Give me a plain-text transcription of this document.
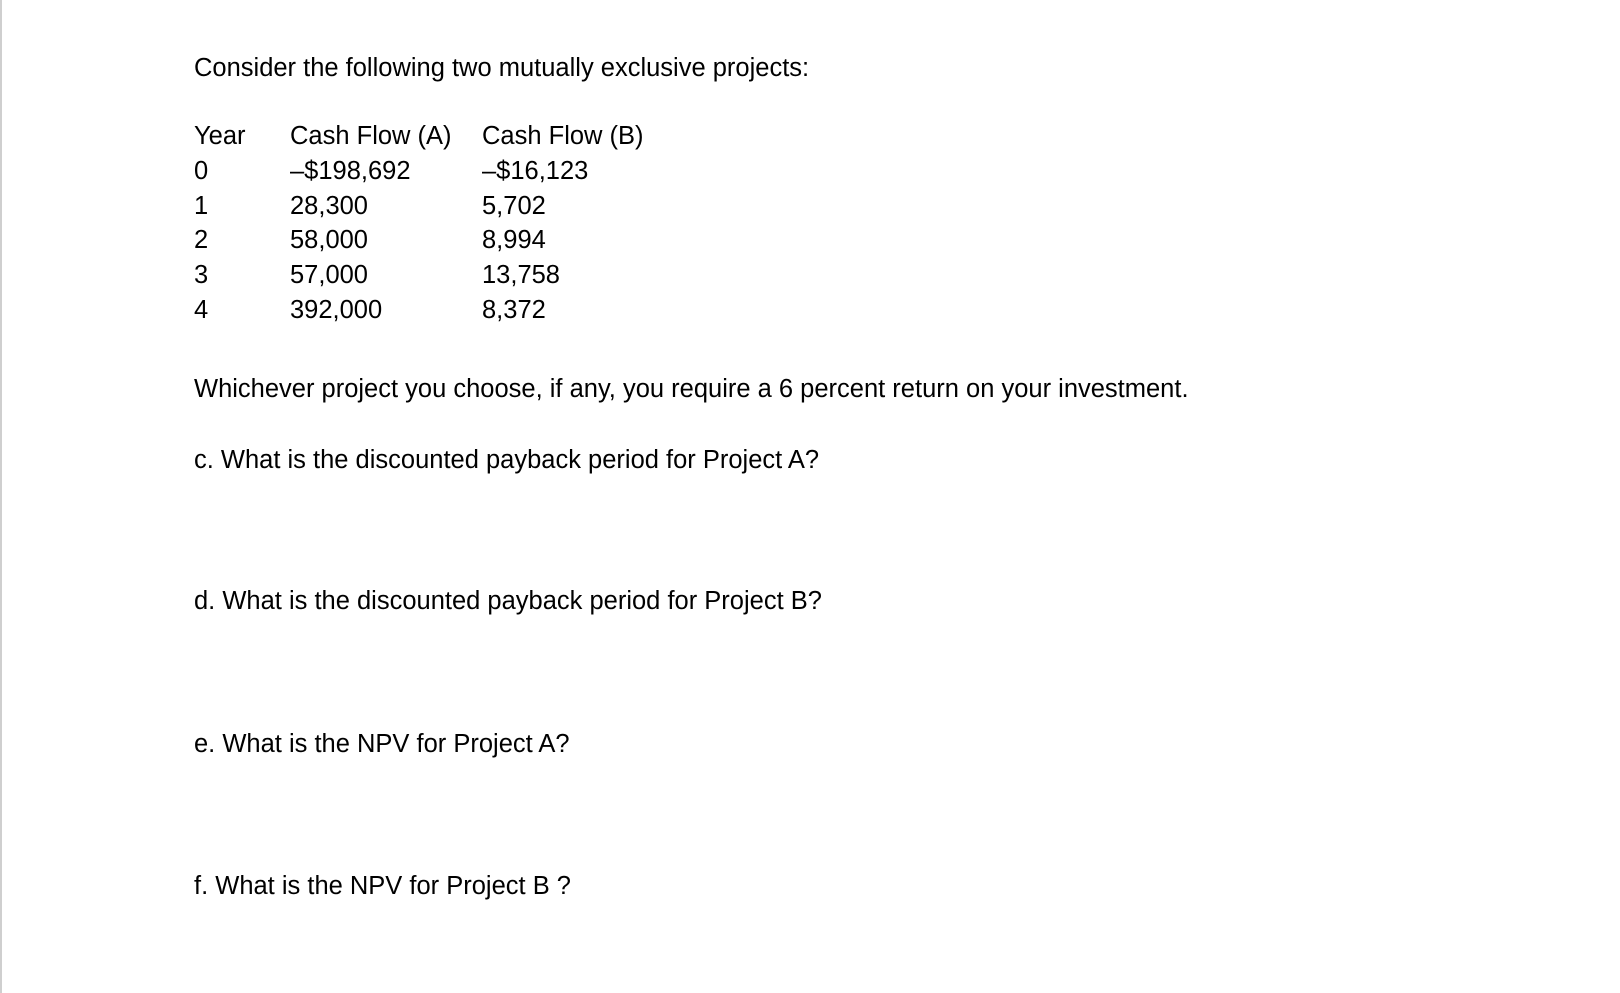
Consider the following two mutually exclusive projects:
Year Cash Flow (A) Cash Flow (B)
0	–$198,692	–$16,123
1	28,300	5,702
2	58,000	8,994
3	57,000	13,758
4	392,000	8,372
Whichever project you choose, if any, you require a 6 percent return on your investment.
c. What is the discounted payback period for Project A?
d. What is the discounted payback period for Project B?
e. What is the NPV for Project A?
f. What is the NPV for Project B ?
